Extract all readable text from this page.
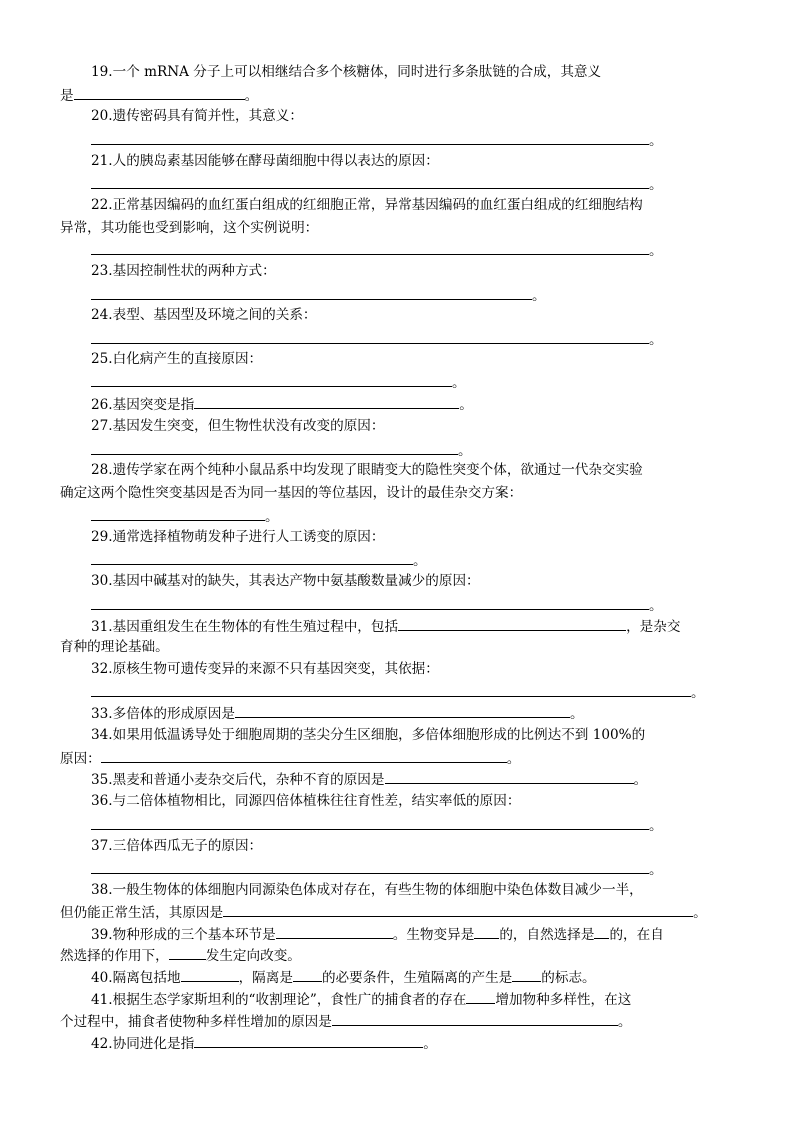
19.一个 mRNA 分子上可以相继结合多个核糖体，同时进行多条肽链的合成，其意义
是	。
20.遗传密码具有简并性，其意义：
。
21.人的胰岛素基因能够在酵母菌细胞中得以表达的原因：
。
22.正常基因编码的血红蛋白组成的红细胞正常，异常基因编码的血红蛋白组成的红细胞结构
异常，其功能也受到影响，这个实例说明：
。
23.基因控制性状的两种方式：
。
24.表型、基因型及环境之间的关系：
。
25.白化病产生的直接原因：
。
26.基因突变是指	。
27.基因发生突变，但生物性状没有改变的原因：
。
28.遗传学家在两个纯种小鼠品系中均发现了眼睛变大的隐性突变个体，欲通过一代杂交实验
确定这两个隐性突变基因是否为同一基因的等位基因，设计的最佳杂交方案：
。
29.通常选择植物萌发种子进行人工诱变的原因：
。
30.基因中碱基对的缺失，其表达产物中氨基酸数量减少的原因：
。
31.基因重组发生在生物体的有性生殖过程中，包括	，是杂交
育种的理论基础。
32.原核生物可遗传变异的来源不只有基因突变，其依据：
。
33.多倍体的形成原因是	。
34.如果用低温诱导处于细胞周期的茎尖分生区细胞，多倍体细胞形成的比例达不到 100%的
原因：	。
35.黑麦和普通小麦杂交后代，杂种不育的原因是	。
36.与二倍体植物相比，同源四倍体植株往往育性差，结实率低的原因：
。
37.三倍体西瓜无子的原因：
。
38.一般生物体的体细胞内同源染色体成对存在，有些生物的体细胞中染色体数目减少一半，
但仍能正常生活，其原因是	。
39.物种形成的三个基本环节是	。生物变异是 的，自然选择是 的，在自
然选择的作用下，	发生定向改变。
40.隔离包括地	，隔离是 的必要条件，生殖隔离的产生是 的标志。
41.根据生态学家斯坦利的“收割理论”，食性广的捕食者的存在 增加物种多样性，在这
个过程中，捕食者使物种多样性增加的原因是	。
42.协同进化是指	。
